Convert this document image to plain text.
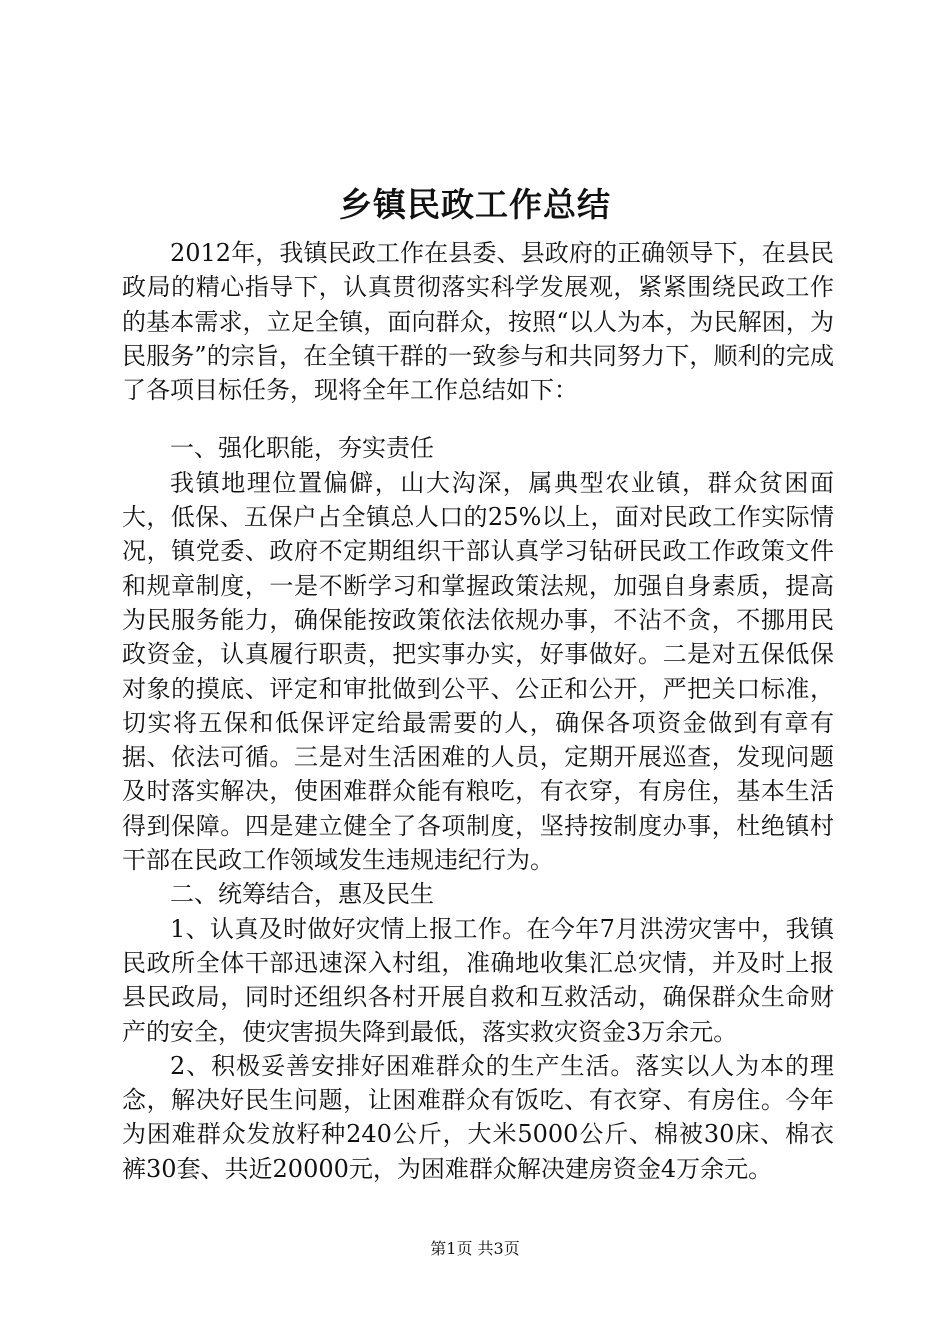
乡镇民政工作总结

2012年，我镇民政工作在县委、县政府的正确领导下，在县民政局的精心指导下，认真贯彻落实科学发展观，紧紧围绕民政工作的基本需求，立足全镇，面向群众，按照“以人为本，为民解困，为民服务”的宗旨，在全镇干群的一致参与和共同努力下，顺利的完成了各项目标任务，现将全年工作总结如下：

一、强化职能，夯实责任

我镇地理位置偏僻，山大沟深，属典型农业镇，群众贫困面大，低保、五保户占全镇总人口的25%以上，面对民政工作实际情况，镇党委、政府不定期组织干部认真学习钻研民政工作政策文件和规章制度，一是不断学习和掌握政策法规，加强自身素质，提高为民服务能力，确保能按政策依法依规办事，不沾不贪，不挪用民政资金，认真履行职责，把实事办实，好事做好。二是对五保低保对象的摸底、评定和审批做到公平、公正和公开，严把关口标准，切实将五保和低保评定给最需要的人，确保各项资金做到有章有据、依法可循。三是对生活困难的人员，定期开展巡查，发现问题及时落实解决，使困难群众能有粮吃，有衣穿，有房住，基本生活得到保障。四是建立健全了各项制度，坚持按制度办事，杜绝镇村干部在民政工作领域发生违规违纪行为。

二、统筹结合，惠及民生

1、认真及时做好灾情上报工作。在今年7月洪涝灾害中，我镇民政所全体干部迅速深入村组，准确地收集汇总灾情，并及时上报县民政局，同时还组织各村开展自救和互救活动，确保群众生命财产的安全，使灾害损失降到最低，落实救灾资金3万余元。

2、积极妥善安排好困难群众的生产生活。落实以人为本的理念，解决好民生问题，让困难群众有饭吃、有衣穿、有房住。今年为困难群众发放籽种240公斤，大米5000公斤、棉被30床、棉衣裤30套、共近20000元，为困难群众解决建房资金4万余元。

第1页 共3页
